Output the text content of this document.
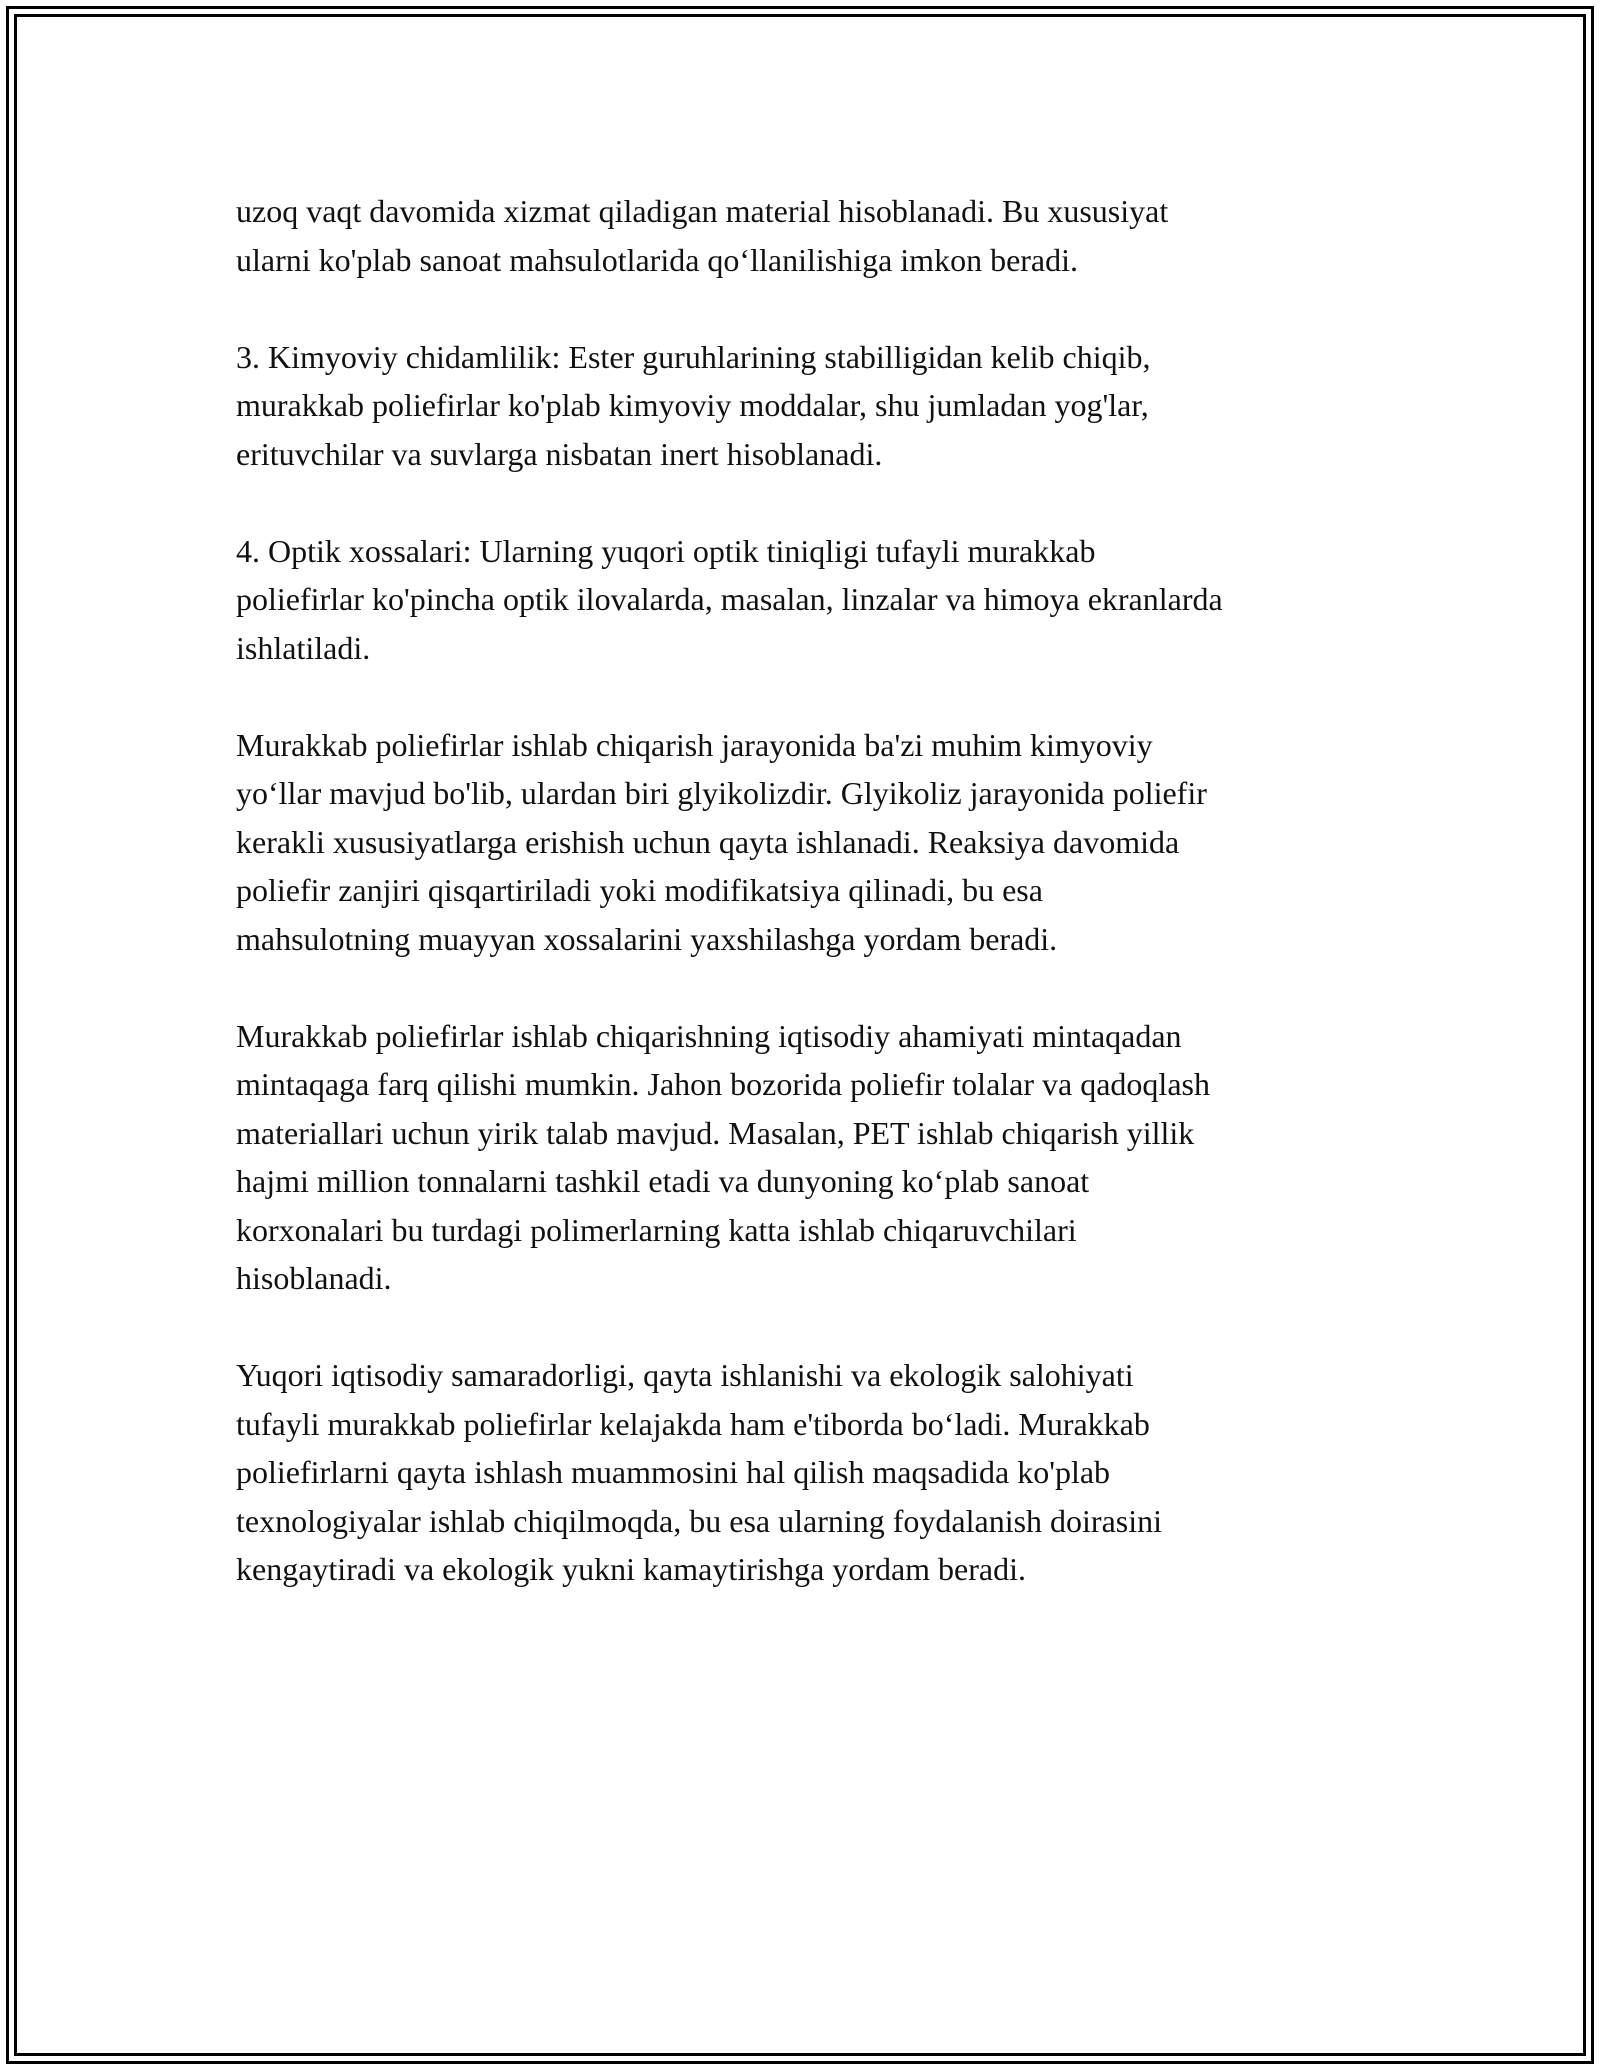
uzoq vaqt davomida xizmat qiladigan material hisoblanadi. Bu xususiyat
ularni ko'plab sanoat mahsulotlarida qo‘llanilishiga imkon beradi.

3. Kimyoviy chidamlilik: Ester guruhlarining stabilligidan kelib chiqib,
murakkab poliefirlar ko'plab kimyoviy moddalar, shu jumladan yog'lar,
erituvchilar va suvlarga nisbatan inert hisoblanadi.

4. Optik xossalari: Ularning yuqori optik tiniqligi tufayli murakkab
poliefirlar ko'pincha optik ilovalarda, masalan, linzalar va himoya ekranlarda
ishlatiladi.

Murakkab poliefirlar ishlab chiqarish jarayonida ba'zi muhim kimyoviy
yo‘llar mavjud bo'lib, ulardan biri glyikolizdir. Glyikoliz jarayonida poliefir
kerakli xususiyatlarga erishish uchun qayta ishlanadi. Reaksiya davomida
poliefir zanjiri qisqartiriladi yoki modifikatsiya qilinadi, bu esa
mahsulotning muayyan xossalarini yaxshilashga yordam beradi.

Murakkab poliefirlar ishlab chiqarishning iqtisodiy ahamiyati mintaqadan
mintaqaga farq qilishi mumkin. Jahon bozorida poliefir tolalar va qadoqlash
materiallari uchun yirik talab mavjud. Masalan, PET ishlab chiqarish yillik
hajmi million tonnalarni tashkil etadi va dunyoning ko‘plab sanoat
korxonalari bu turdagi polimerlarning katta ishlab chiqaruvchilari
hisoblanadi.

Yuqori iqtisodiy samaradorligi, qayta ishlanishi va ekologik salohiyati
tufayli murakkab poliefirlar kelajakda ham e'tiborda bo‘ladi. Murakkab
poliefirlarni qayta ishlash muammosini hal qilish maqsadida ko'plab
texnologiyalar ishlab chiqilmoqda, bu esa ularning foydalanish doirasini
kengaytiradi va ekologik yukni kamaytirishga yordam beradi.
